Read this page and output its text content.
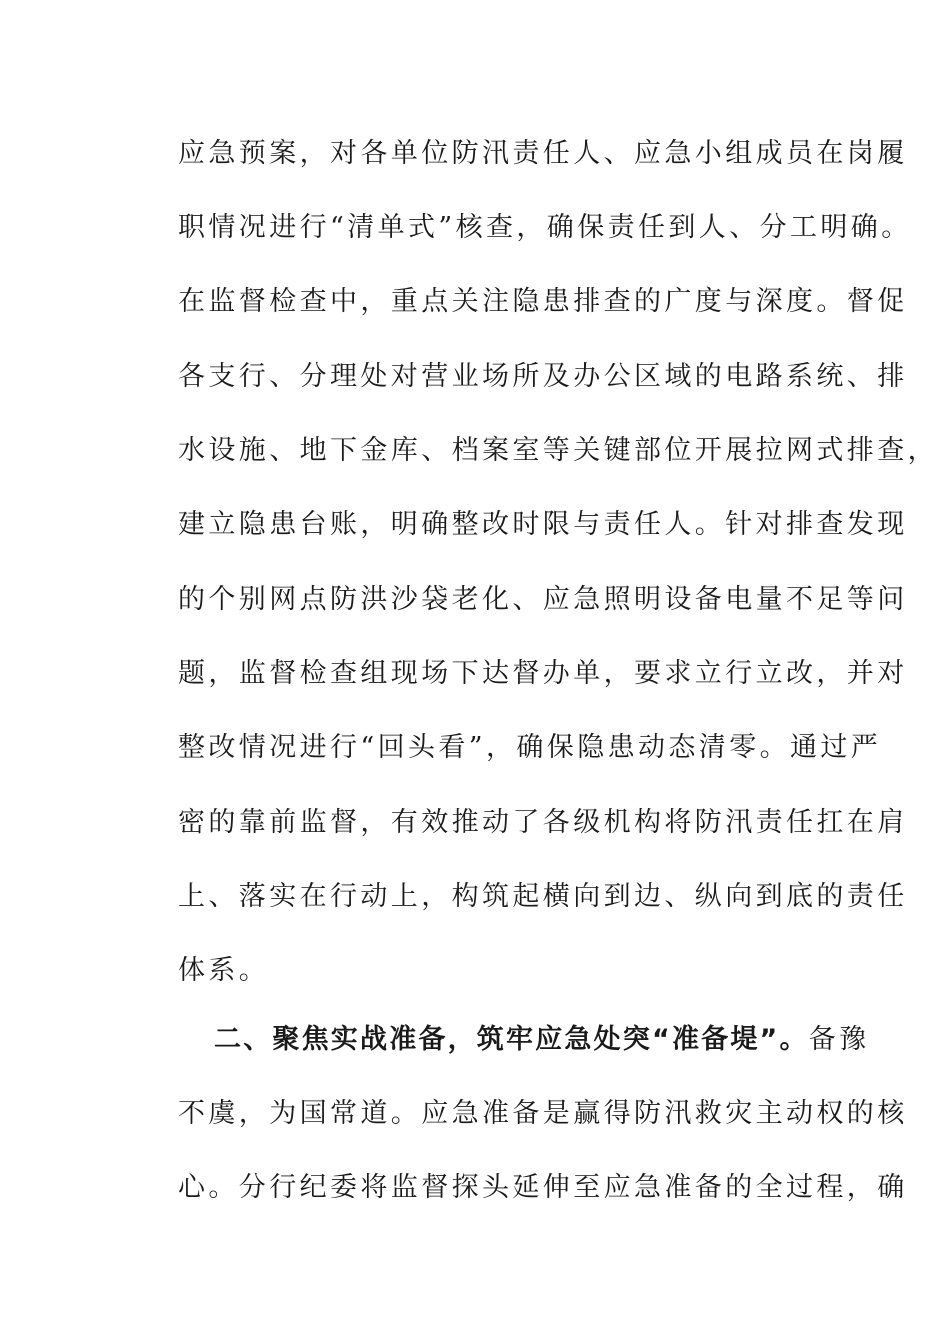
应急预案，对各单位防汛责任人、应急小组成员在岗履
职情况进行“清单式”核查，确保责任到人、分工明确。
在监督检查中，重点关注隐患排查的广度与深度。督促
各支行、分理处对营业场所及办公区域的电路系统、排
水设施、地下金库、档案室等关键部位开展拉网式排查，
建立隐患台账，明确整改时限与责任人。针对排查发现
的个别网点防洪沙袋老化、应急照明设备电量不足等问
题，监督检查组现场下达督办单，要求立行立改，并对
整改情况进行“回头看”，确保隐患动态清零。通过严
密的靠前监督，有效推动了各级机构将防汛责任扛在肩
上、落实在行动上，构筑起横向到边、纵向到底的责任
体系。
二、聚焦实战准备，筑牢应急处突“准备堤”。备豫
不虞，为国常道。应急准备是赢得防汛救灾主动权的核
心。分行纪委将监督探头延伸至应急准备的全过程，确
